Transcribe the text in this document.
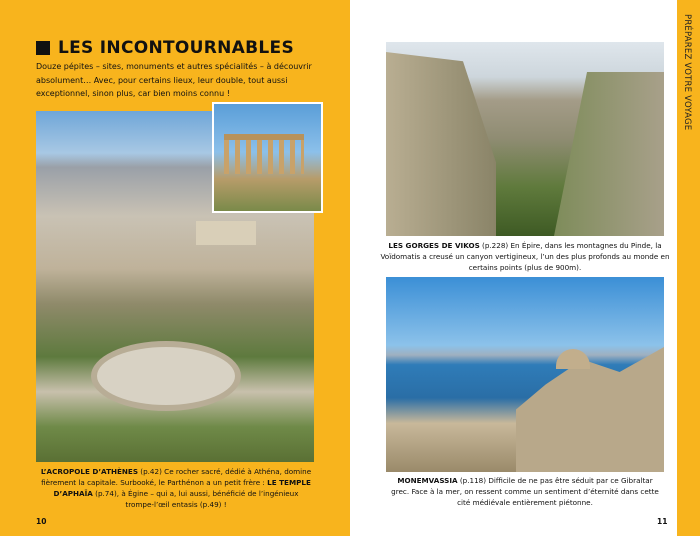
LES INCONTOURNABLES
Douze pépites – sites, monuments et autres spécialités – à découvrir absolument… Avec, pour certains lieux, leur double, tout aussi exceptionnel, sinon plus, car bien moins connu !
L’ACROPOLE D’ATHÈNES (p.42) Ce rocher sacré, dédié à Athéna, domine fièrement la capitale. Surbooké, le Parthénon a un petit frère : LE TEMPLE D’APHAÏA (p.74), à Égine – qui a, lui aussi, bénéficié de l’ingénieux trompe-l’œil entasis (p.49) !
10
LES GORGES DE VIKOS (p.228) En Épire, dans les montagnes du Pinde, la Voïdomatis a creusé un canyon vertigineux, l’un des plus profonds au monde en certains points (plus de 900m).
MONEMVASSIA (p.118) Difficile de ne pas être séduit par ce Gibraltar grec. Face à la mer, on ressent comme un sentiment d’éternité dans cette cité médiévale entièrement piétonne.
11
PRÉPAREZ VOTRE VOYAGE
